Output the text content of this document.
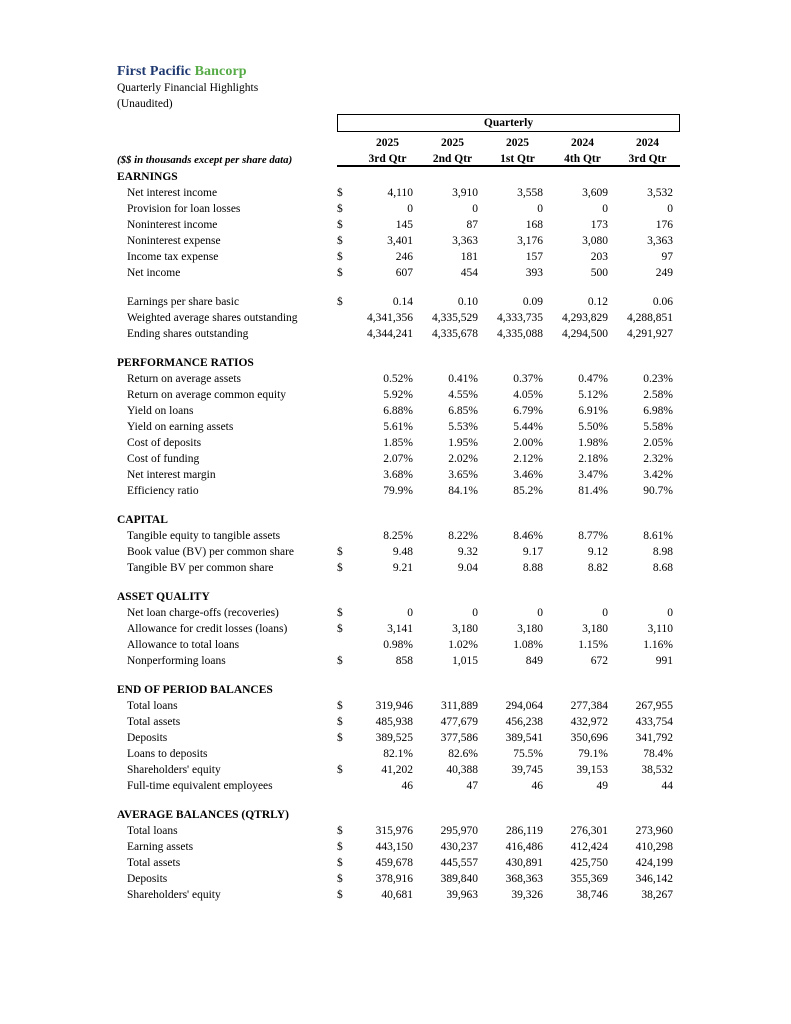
First Pacific Bancorp
Quarterly Financial Highlights
(Unaudited)

	Quarterly					

		2025	2025	2025	2024	2024
($$ in thousands except per share data)		3rd Qtr	2nd Qtr	1st Qtr	4th Qtr	3rd Qtr
EARNINGS						
Net interest income	$	4,110	3,910	3,558	3,609	3,532
Provision for loan losses	$	0	0	0	0	0
Noninterest income	$	145	87	168	173	176
Noninterest expense	$	3,401	3,363	3,176	3,080	3,363
Income tax expense	$	246	181	157	203	97
Net income	$	607	454	393	500	249

Earnings per share basic	$	0.14	0.10	0.09	0.12	0.06
Weighted average shares outstanding		4,341,356	4,335,529	4,333,735	4,293,829	4,288,851
Ending shares outstanding		4,344,241	4,335,678	4,335,088	4,294,500	4,291,927

PERFORMANCE RATIOS						
Return on average assets		0.52%	0.41%	0.37%	0.47%	0.23%
Return on average common equity		5.92%	4.55%	4.05%	5.12%	2.58%
Yield on loans		6.88%	6.85%	6.79%	6.91%	6.98%
Yield on earning assets		5.61%	5.53%	5.44%	5.50%	5.58%
Cost of deposits		1.85%	1.95%	2.00%	1.98%	2.05%
Cost of funding		2.07%	2.02%	2.12%	2.18%	2.32%
Net interest margin		3.68%	3.65%	3.46%	3.47%	3.42%
Efficiency ratio		79.9%	84.1%	85.2%	81.4%	90.7%

CAPITAL						
Tangible equity to tangible assets		8.25%	8.22%	8.46%	8.77%	8.61%
Book value (BV) per common share	$	9.48	9.32	9.17	9.12	8.98
Tangible BV per common share	$	9.21	9.04	8.88	8.82	8.68

ASSET QUALITY						
Net loan charge-offs (recoveries)	$	0	0	0	0	0
Allowance for credit losses (loans)	$	3,141	3,180	3,180	3,180	3,110
Allowance to total loans		0.98%	1.02%	1.08%	1.15%	1.16%
Nonperforming loans	$	858	1,015	849	672	991

END OF PERIOD BALANCES						
Total loans	$	319,946	311,889	294,064	277,384	267,955
Total assets	$	485,938	477,679	456,238	432,972	433,754
Deposits	$	389,525	377,586	389,541	350,696	341,792
Loans to deposits		82.1%	82.6%	75.5%	79.1%	78.4%
Shareholders' equity	$	41,202	40,388	39,745	39,153	38,532
Full-time equivalent employees		46	47	46	49	44

AVERAGE BALANCES (QTRLY)						
Total loans	$	315,976	295,970	286,119	276,301	273,960
Earning assets	$	443,150	430,237	416,486	412,424	410,298
Total assets	$	459,678	445,557	430,891	425,750	424,199
Deposits	$	378,916	389,840	368,363	355,369	346,142
Shareholders' equity	$	40,681	39,963	39,326	38,746	38,267
